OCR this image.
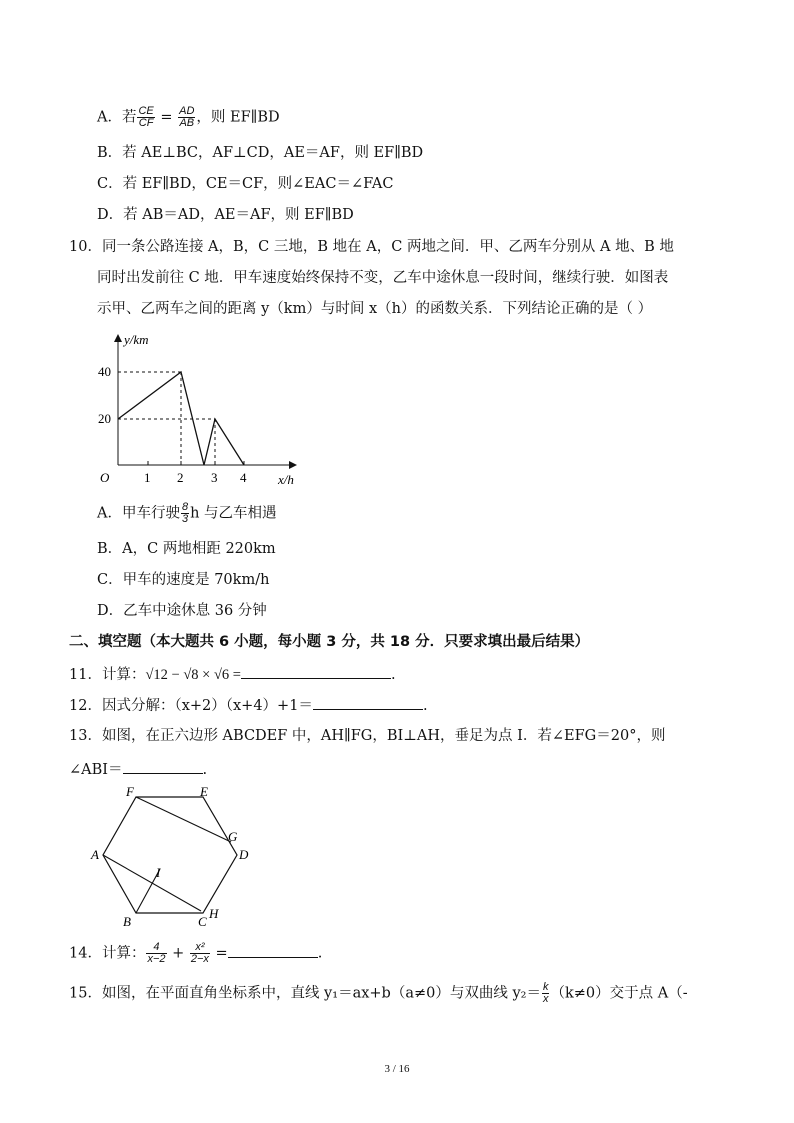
A．若 $\frac{CE}{CF} = \frac{AD}{AB}$ ，则 EF∥BD
B．若 AE⊥BC，AF⊥CD，AE＝AF，则 EF∥BD
C．若 EF∥BD，CE＝CF，则∠EAC＝∠FAC
D．若 AB＝AD，AE＝AF，则 EF∥BD
10．同一条公路连接 A，B，C 三地，B 地在 A，C 两地之间．甲、乙两车分别从 A 地、B 地
同时出发前往 C 地．甲车速度始终保持不变，乙车中途休息一段时间，继续行驶．如图表
示甲、乙两车之间的距离 y（km）与时间 x（h）的函数关系．下列结论正确的是（ ）
y/km
x/h
O
40
20
1 2 3 4
A．甲车行驶 $\frac{8}{3}$ h 与乙车相遇
B．A，C 两地相距 220km
C．甲车的速度是 70km/h
D．乙车中途休息 36 分钟
二、填空题（本大题共 6 小题，每小题 3 分，共 18 分．只要求填出最后结果）
11．计算：√12 − √8 × √6 =	.
12．因式分解：（x+2）（x+4）+1＝	.
13．如图，在正六边形 ABCDEF 中，AH∥FG，BI⊥AH，垂足为点 I．若∠EFG＝20°，则
∠ABI＝	.
F	E
G
D
A
I
B	C
H
14．计算： $\frac{4}{x-2} + \frac{\text{x²}}{2-x}$ =	.
15．如图，在平面直角坐标系中，直线 y₁＝ax+b（a≠0）与双曲线 $y_2= \frac{k}{x} (k\ne 0)$交于点 A（-
3 / 16
